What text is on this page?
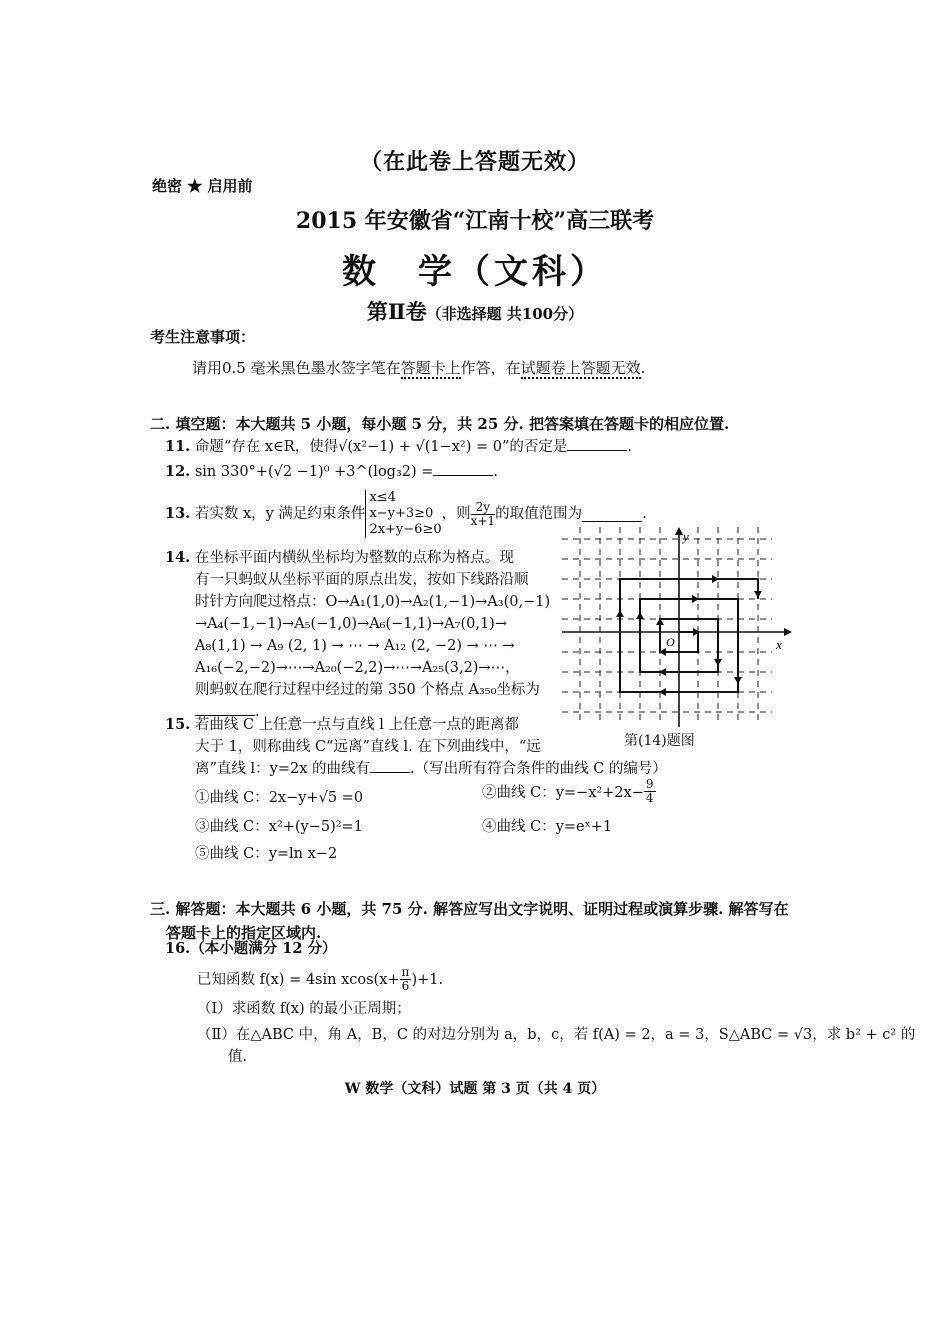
（在此卷上答题无效）
绝密 ★ 启用前
2015 年安徽省“江南十校”高三联考
数　学（文科）
第Ⅱ卷（非选择题 共100分）
考生注意事项：
请用0.5 毫米黑色墨水签字笔在答题卡上作答，在试题卷上答题无效.
二. 填空题：本大题共 5 小题，每小题 5 分，共 25 分. 把答案填在答题卡的相应位置.
11. 命题“存在 x∈R，使得√(x²−1) + √(1−x²) = 0”的否定是	.
12. sin 330°+(√2 −1)⁰ +3^(log₃2) =	.
13.
若实数 x，y 满足约束条件
x≤4
x−y+3≥0
2x+y−6≥0
，则 $\frac{2y}{x+1}$ 的取值范围为	.
14. 在坐标平面内横纵坐标均为整数的点称为格点。现
有一只蚂蚁从坐标平面的原点出发，按如下线路沿顺
时针方向爬过格点：O→A₁(1,0)→A₂(1,−1)→A₃(0,−1)
→A₄(−1,−1)→A₅(−1,0)→A₆(−1,1)→A₇(0,1)→
A₈(1,1) → A₉ (2, 1) → ⋯ → A₁₂ (2, −2) → ⋯ →
A₁₆(−2,−2)→⋯→A₂₀(−2,2)→⋯→A₂₅(3,2)→⋯，
则蚂蚁在爬行过程中经过的第 350 个格点 A₃₅₀坐标为
.
O
y
x
第(14)题图
15. 若曲线 C 上任意一点与直线 l 上任意一点的距离都
大于 1，则称曲线 C“远离”直线 l. 在下列曲线中，“远
离”直线 l：y=2x 的曲线有	.（写出所有符合条件的曲线 C 的编号）
①曲线 C：2x−y+√5 =0	②曲线 C：$y=-x^2+2x- \frac{9}{4}$
③曲线 C：x²+(y−5)²=1	④曲线 C：y=eˣ+1
⑤曲线 C：y=ln x−2
三. 解答题：本大题共 6 小题，共 75 分. 解答应写出文字说明、证明过程或演算步骤. 解答写在
答题卡上的指定区域内.
16.（本小题满分 12 分）
已知函数 f(x) = 4sin $xcos(x+ \frac{\pi}{6} )+1$.
（Ⅰ）求函数 f(x) 的最小正周期；
（Ⅱ）在△ABC 中，角 A，B，C 的对边分别为 a，b，c，若 f(A) = 2，a = 3，S△ABC = √3，求 b² + c² 的
值.
W 数学（文科）试题 第 3 页（共 4 页）
